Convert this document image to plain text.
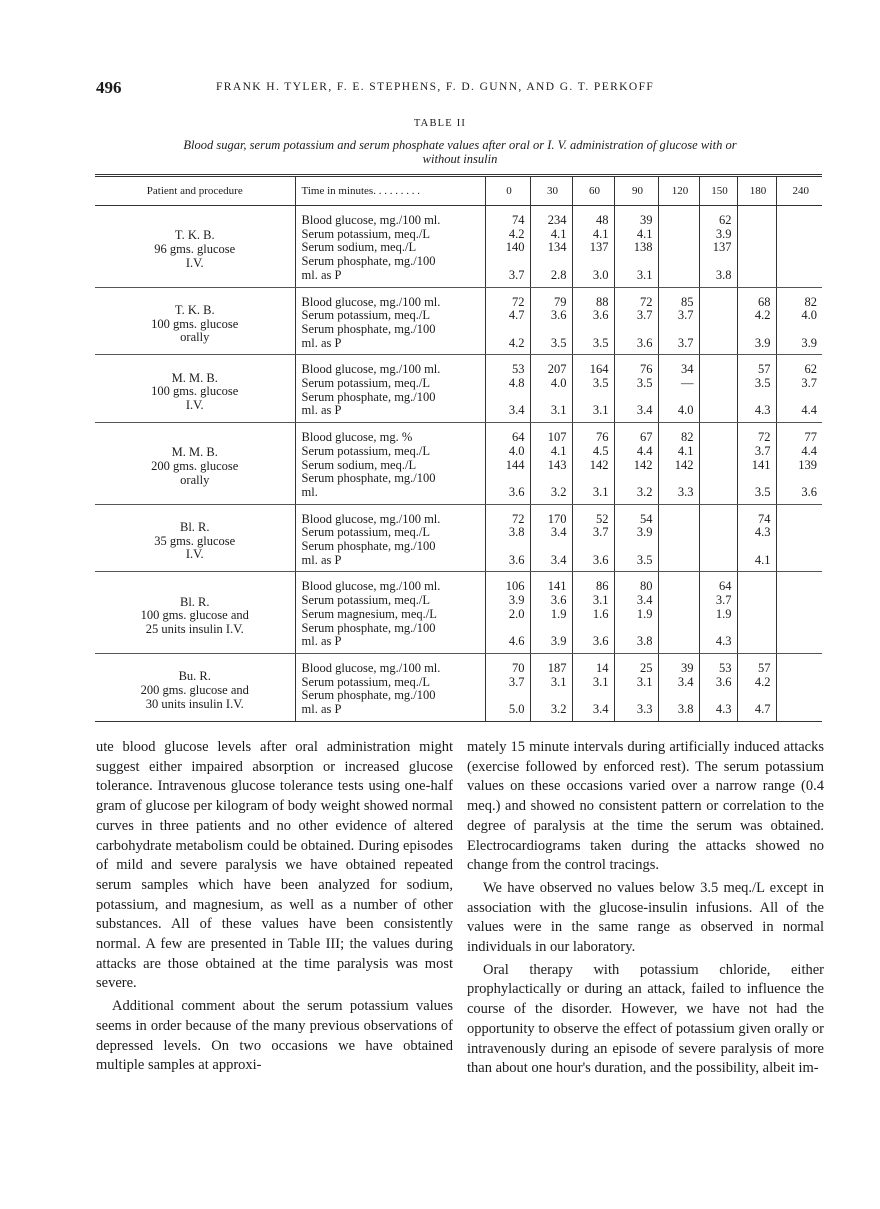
496	FRANK H. TYLER, F. E. STEPHENS, F. D. GUNN, AND G. T. PERKOFF
TABLE II
Blood sugar, serum potassium and serum phosphate values after oral or I. V. administration of glucose with or without insulin
Patient and procedure	Time in minutes. . . . . . . . .	0	30	60	90	120	150	180	240

T. K. B.
96 gms. glucose
I.V.	Blood glucose, mg./100 ml.
Serum potassium, meq./L
Serum sodium, meq./L
Serum phosphate, mg./100
ml. as P	74
4.2
140
3.7	234
4.1
134
2.8	48
4.1
137
3.0	39
4.1
138
3.1		62
3.9
137
3.8		

T. K. B.
100 gms. glucose
orally	Blood glucose, mg./100 ml.
Serum potassium, meq./L
Serum phosphate, mg./100
ml. as P	72
4.7
4.2	79
3.6
3.5	88
3.6
3.5	72
3.7
3.6	85
3.7
3.7		68
4.2
3.9	82
4.0
3.9

M. M. B.
100 gms. glucose
I.V.	Blood glucose, mg./100 ml.
Serum potassium, meq./L
Serum phosphate, mg./100
ml. as P	53
4.8
3.4	207
4.0
3.1	164
3.5
3.1	76
3.5
3.4	34
—
4.0		57
3.5
4.3	62
3.7
4.4

M. M. B.
200 gms. glucose
orally	Blood glucose, mg. %
Serum potassium, meq./L
Serum sodium, meq./L
Serum phosphate, mg./100
ml.	64
4.0
144
3.6	107
4.1
143
3.2	76
4.5
142
3.1	67
4.4
142
3.2	82
4.1
142
3.3		72
3.7
141
3.5	77
4.4
139
3.6

Bl. R.
35 gms. glucose
I.V.	Blood glucose, mg./100 ml.
Serum potassium, meq./L
Serum phosphate, mg./100
ml. as P	72
3.8
3.6	170
3.4
3.4	52
3.7
3.6	54
3.9
3.5			74
4.3
4.1	

Bl. R.
100 gms. glucose and
25 units insulin I.V.	Blood glucose, mg./100 ml.
Serum potassium, meq./L
Serum magnesium, meq./L
Serum phosphate, mg./100
ml. as P	106
3.9
2.0
4.6	141
3.6
1.9
3.9	86
3.1
1.6
3.6	80
3.4
1.9
3.8		64
3.7
1.9
4.3		

Bu. R.
200 gms. glucose and
30 units insulin I.V.	Blood glucose, mg./100 ml.
Serum potassium, meq./L
Serum phosphate, mg./100
ml. as P	70
3.7
5.0	187
3.1
3.2	14
3.1
3.4	25
3.1
3.3	39
3.4
3.8	53
3.6
4.3	57
4.2
4.7	

ute blood glucose levels after oral administration might suggest either impaired absorption or increased glucose tolerance. Intravenous glucose tolerance tests using one-half gram of glucose per kilogram of body weight showed normal curves in three patients and no other evidence of altered carbohydrate metabolism could be obtained. During episodes of mild and severe paralysis we have obtained repeated serum samples which have been analyzed for sodium, potassium, and magnesium, as well as a number of other substances. All of these values have been consistently normal. A few are presented in Table III; the values during attacks are those obtained at the time paralysis was most severe.

Additional comment about the serum potassium values seems in order because of the many previous observations of depressed levels. On two occasions we have obtained multiple samples at approxi-

mately 15 minute intervals during artificially induced attacks (exercise followed by enforced rest). The serum potassium values on these occasions varied over a narrow range (0.4 meq.) and showed no consistent pattern or correlation to the degree of paralysis at the time the serum was obtained. Electrocardiograms taken during the attacks showed no change from the control tracings.

We have observed no values below 3.5 meq./L except in association with the glucose-insulin infusions. All of the values were in the same range as observed in normal individuals in our laboratory.

Oral therapy with potassium chloride, either prophylactically or during an attack, failed to influence the course of the disorder. However, we have not had the opportunity to observe the effect of potassium given orally or intravenously during an episode of severe paralysis of more than about one hour's duration, and the possibility, albeit im-
